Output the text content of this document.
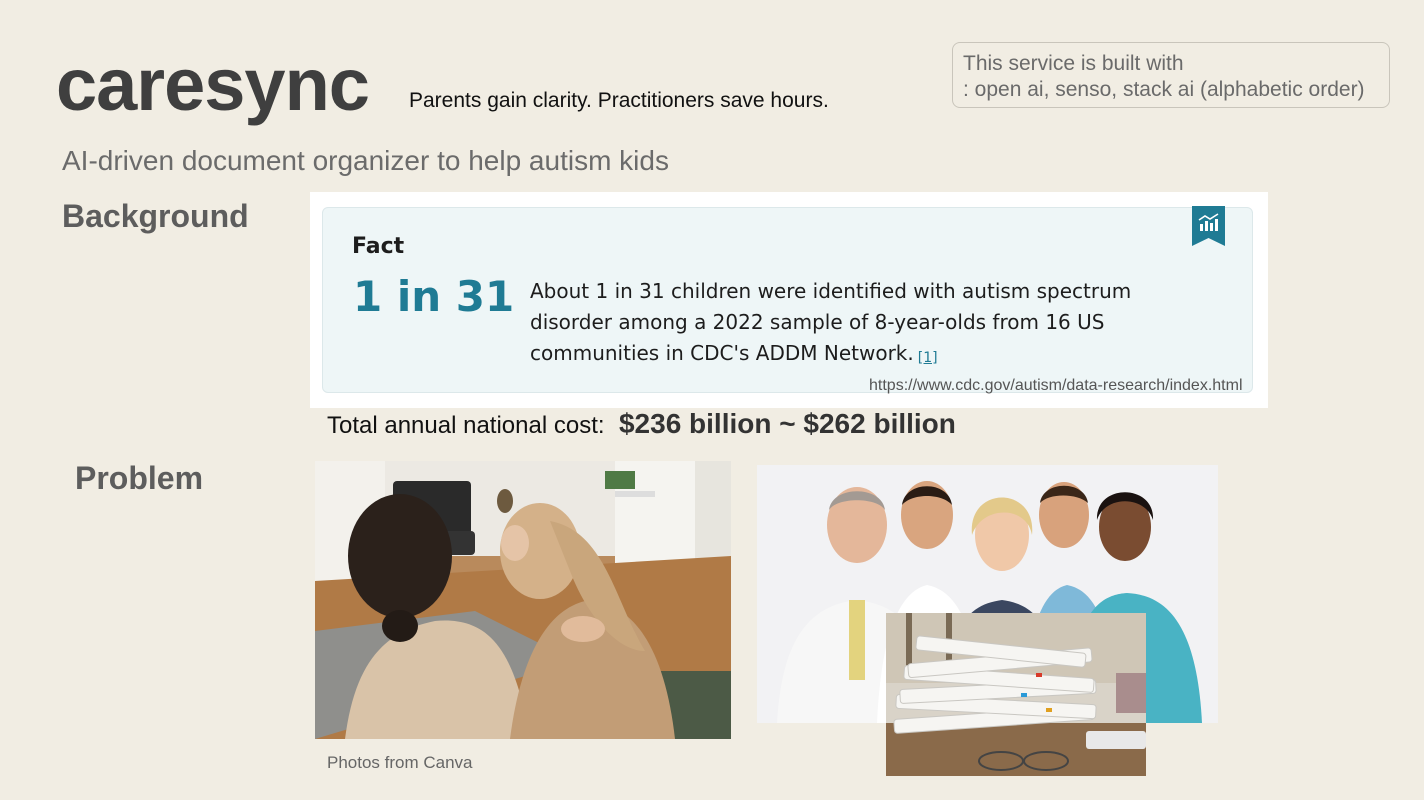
caresync Parents gain clarity. Practitioners save hours.
This service is built with
: open ai, senso, stack ai (alphabetic order)
AI-driven document organizer to help autism kids
Background
Fact
1 in 31 About 1 in 31 children were identified with autism spectrum disorder among a 2022 sample of 8-year-olds from 16 US communities in CDC's ADDM Network. [1]
https://www.cdc.gov/autism/data-research/index.html
Total annual national cost: $236 billion ~ $262 billion
Problem
Photos from Canva
